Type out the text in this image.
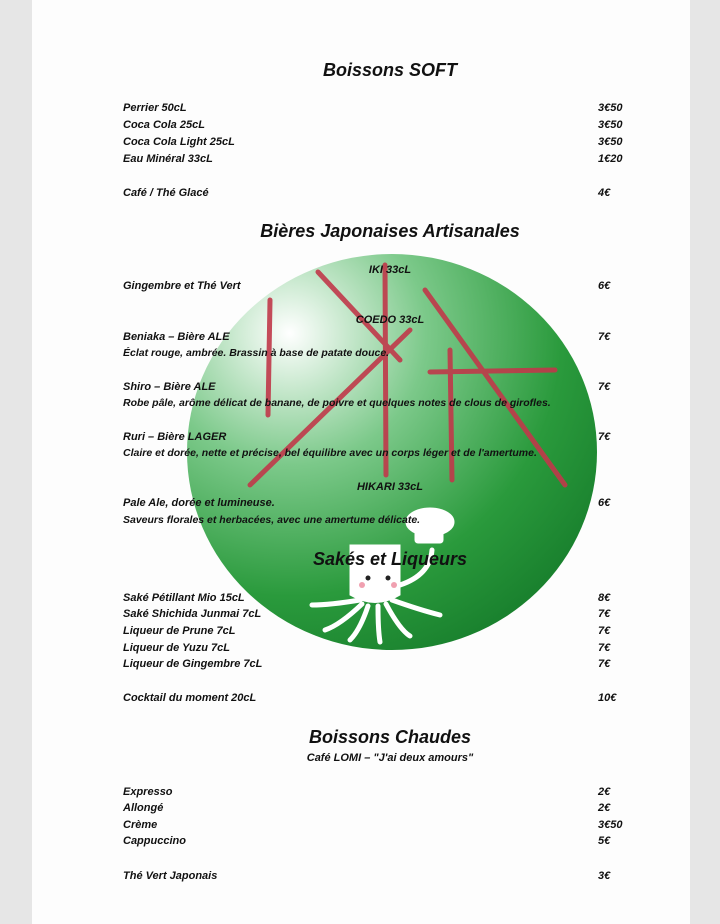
Boissons SOFT
Perrier 50cL	3€50
Coca Cola 25cL	3€50
Coca Cola Light 25cL	3€50
Eau Minéral 33cL	1€20
Café / Thé Glacé	4€
Bières Japonaises Artisanales
IKI 33cL
Gingembre et Thé Vert	6€
COEDO 33cL
Beniaka – Bière ALE	7€
Éclat rouge, ambrée. Brassin à base de patate douce.
Shiro – Bière ALE	7€
Robe pâle, arôme délicat de banane, de poivre et quelques notes de clous de girofles.
Ruri – Bière LAGER	7€
Claire et dorée, nette et précise, bel équilibre avec un corps léger et de l'amertume.
HIKARI 33cL
Pale Ale, dorée et lumineuse.	6€
Saveurs florales et herbacées, avec une amertume délicate.
Sakés et Liqueurs
Saké Pétillant Mio 15cL	8€
Saké Shichida Junmai 7cL	7€
Liqueur de Prune 7cL	7€
Liqueur de Yuzu 7cL	7€
Liqueur de Gingembre 7cL	7€
Cocktail du moment 20cL	10€
Boissons Chaudes
Café LOMI – "J'ai deux amours"
Expresso	2€
Allongé	2€
Crème	3€50
Cappuccino	5€
Thé Vert Japonais	3€
